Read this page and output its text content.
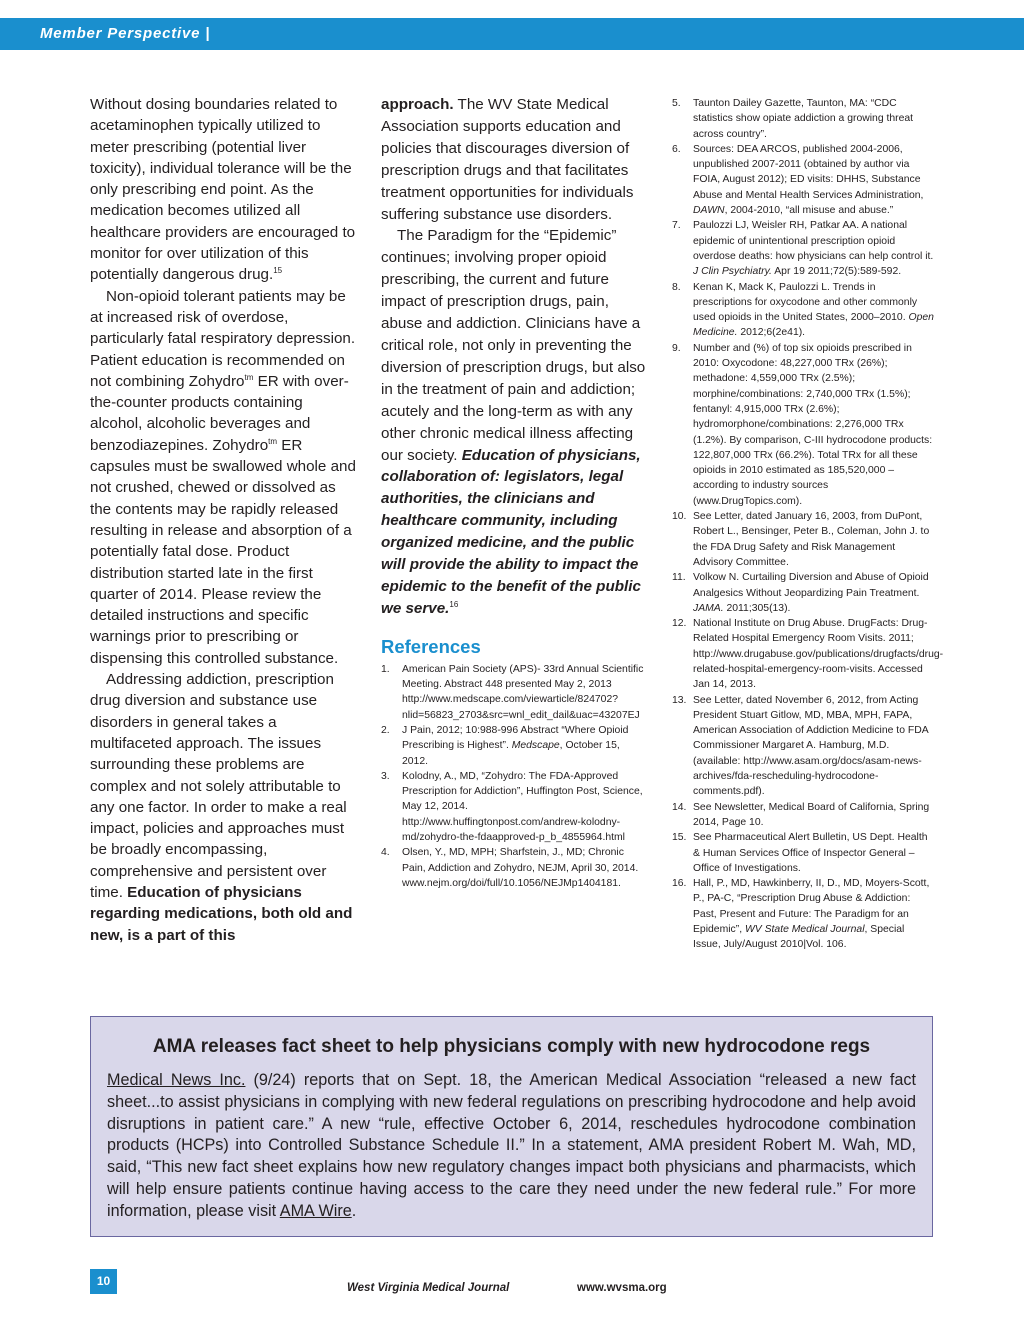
Member Perspective |

Without dosing boundaries related to acetaminophen typically utilized to meter prescribing (potential liver toxicity), individual tolerance will be the only prescribing end point. As the medication becomes utilized all healthcare providers are encouraged to monitor for over utilization of this potentially dangerous drug.$^{15}$

Non-opioid tolerant patients may be at increased risk of overdose, particularly fatal respiratory depression. Patient education is recommended on not combining Zohydro$^{tm}$ ER with over-the-counter products containing alcohol, alcoholic beverages and benzodiazepines. Zohydro$^{tm}$ ER capsules must be swallowed whole and not crushed, chewed or dissolved as the contents may be rapidly released resulting in release and absorption of a potentially fatal dose. Product distribution started late in the first quarter of 2014. Please review the detailed instructions and specific warnings prior to prescribing or dispensing this controlled substance.

Addressing addiction, prescription drug diversion and substance use disorders in general takes a multifaceted approach. The issues surrounding these problems are complex and not solely attributable to any one factor. In order to make a real impact, policies and approaches must be broadly encompassing, comprehensive and persistent over time. Education of physicians regarding medications, both old and new, is a part of this

approach. The WV State Medical Association supports education and policies that discourages diversion of prescription drugs and that facilitates treatment opportunities for individuals suffering substance use disorders.

The Paradigm for the “Epidemic” continues; involving proper opioid prescribing, the current and future impact of prescription drugs, pain, abuse and addiction. Clinicians have a critical role, not only in preventing the diversion of prescription drugs, but also in the treatment of pain and addiction; acutely and the long-term as with any other chronic medical illness affecting our society. Education of physicians, collaboration of: legislators, legal authorities, the clinicians and healthcare community, including organized medicine, and the public will provide the ability to impact the epidemic to the benefit of the public we serve.$^{16}$

References
1. American Pain Society (APS)- 33rd Annual Scientific Meeting. Abstract 448 presented May 2, 2013 http://www.medscape.com/viewarticle/824702?nlid=56823_2703&src=wnl_edit_dail&uac=43207EJ
2. J Pain, 2012; 10:988-996 Abstract “Where Opioid Prescribing is Highest”. Medscape, October 15, 2012.
3. Kolodny, A., MD, “Zohydro: The FDA-Approved Prescription for Addiction”, Huffington Post, Science, May 12, 2014. http://www.huffingtonpost.com/andrew-kolodny-md/zohydro-the-fdaapproved-p_b_4855964.html
4. Olsen, Y., MD, MPH; Sharfstein, J., MD; Chronic Pain, Addiction and Zohydro, NEJM, April 30, 2014. www.nejm.org/doi/full/10.1056/NEJMp1404181.
5. Taunton Dailey Gazette, Taunton, MA: “CDC statistics show opiate addiction a growing threat across country”.
6. Sources: DEA ARCOS, published 2004-2006, unpublished 2007-2011 (obtained by author via FOIA, August 2012); ED visits: DHHS, Substance Abuse and Mental Health Services Administration, DAWN, 2004-2010, “all misuse and abuse.”
7. Paulozzi LJ, Weisler RH, Patkar AA. A national epidemic of unintentional prescription opioid overdose deaths: how physicians can help control it. J Clin Psychiatry. Apr 19 2011;72(5):589-592.
8. Kenan K, Mack K, Paulozzi L. Trends in prescriptions for oxycodone and other commonly used opioids in the United States, 2000–2010. Open Medicine. 2012;6(2e41).
9. Number and (%) of top six opioids prescribed in 2010: Oxycodone: 48,227,000 TRx (26%); methadone: 4,559,000 TRx (2.5%); morphine/combinations: 2,740,000 TRx (1.5%); fentanyl: 4,915,000 TRx (2.6%); hydromorphone/combinations: 2,276,000 TRx (1.2%). By comparison, C-III hydrocodone products: 122,807,000 TRx (66.2%). Total TRx for all these opioids in 2010 estimated as 185,520,000 –according to industry sources (www.DrugTopics.com).
10. See Letter, dated January 16, 2003, from DuPont, Robert L., Bensinger, Peter B., Coleman, John J. to the FDA Drug Safety and Risk Management Advisory Committee.
11. Volkow N. Curtailing Diversion and Abuse of Opioid Analgesics Without Jeopardizing Pain Treatment. JAMA. 2011;305(13).
12. National Institute on Drug Abuse. DrugFacts: Drug-Related Hospital Emergency Room Visits. 2011; http://www.drugabuse.gov/publications/drugfacts/drug-related-hospital-emergency-room-visits. Accessed Jan 14, 2013.
13. See Letter, dated November 6, 2012, from Acting President Stuart Gitlow, MD, MBA, MPH, FAPA, American Association of Addiction Medicine to FDA Commissioner Margaret A. Hamburg, M.D. (available: http://www.asam.org/docs/asam-news-archives/fda-rescheduling-hydrocodone-comments.pdf).
14. See Newsletter, Medical Board of California, Spring 2014, Page 10.
15. See Pharmaceutical Alert Bulletin, US Dept. Health & Human Services Office of Inspector General – Office of Investigations.
16. Hall, P., MD, Hawkinberry, II, D., MD, Moyers-Scott, P., PA-C, “Prescription Drug Abuse & Addiction: Past, Present and Future: The Paradigm for an Epidemic”, WV State Medical Journal, Special Issue, July/August 2010|Vol. 106.
AMA releases fact sheet to help physicians comply with new hydrocodone regs

Medical News Inc. (9/24) reports that on Sept. 18, the American Medical Association “released a new fact sheet...to assist physicians in complying with new federal regulations on prescribing hydrocodone and help avoid disruptions in patient care.” A new “rule, effective October 6, 2014, reschedules hydrocodone combination products (HCPs) into Controlled Substance Schedule II.” In a statement, AMA president Robert M. Wah, MD, said, “This new fact sheet explains how new regulatory changes impact both physicians and pharmacists, which will help ensure patients continue having access to the care they need under the new federal rule.” For more information, please visit AMA Wire.

10	West Virginia Medical Journal	www.wvsma.org
